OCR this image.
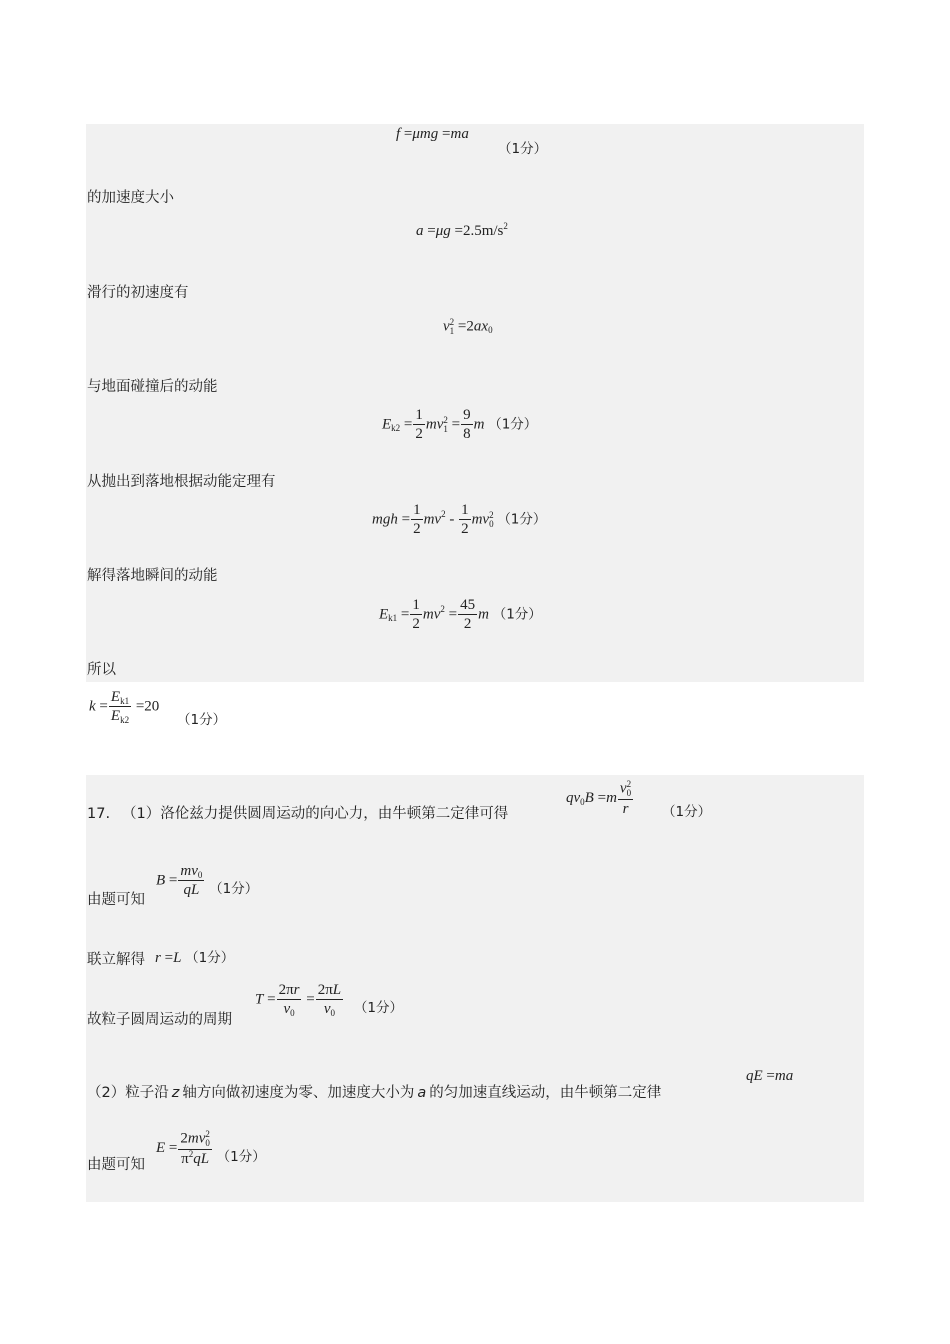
f =μmg =ma
（1分）
的加速度大小
$a =\mu g =2.5m/s^2$
滑行的初速度有
v 2
$1 =2ax_0$
与地面碰撞后的动能
$E_{k2} = \frac{1}{2}$ mv 2
$1 = \frac{9}{8}$ m （1分）
从抛出到落地根据动能定理有
mgh = $\frac{1}{2} mv^2 - \frac{1}{2}$ mv 2
0 （1分）
解得落地瞬间的动能
$E_{k1} = \frac{1}{2} mv^2 = \frac{45}{2}$ m （1分）
所以
$k = \frac{E_{k1}}{E_{k2}} =20$ （1分）
17. （1）洛伦兹力提供圆周运动的向心力，由牛顿第二定律可得
$qv_0B =m$ v 2
0
r （1分）
由题可知
$B = \frac{mv_0}{qL} (1$分）
联立解得 r =L （1分）
故粒子圆周运动的周期
$T = \frac{2\pi r}{v_0} = \frac{2\pi L}{v_0} (1$分）
（2）粒子沿 z 轴方向做初速度为零、加速度大小为 a 的匀加速直线运动，由牛顿第二定律
qE =ma
由题可知
E = 2mv 2
0
$\pi^2qL$ （1分）
